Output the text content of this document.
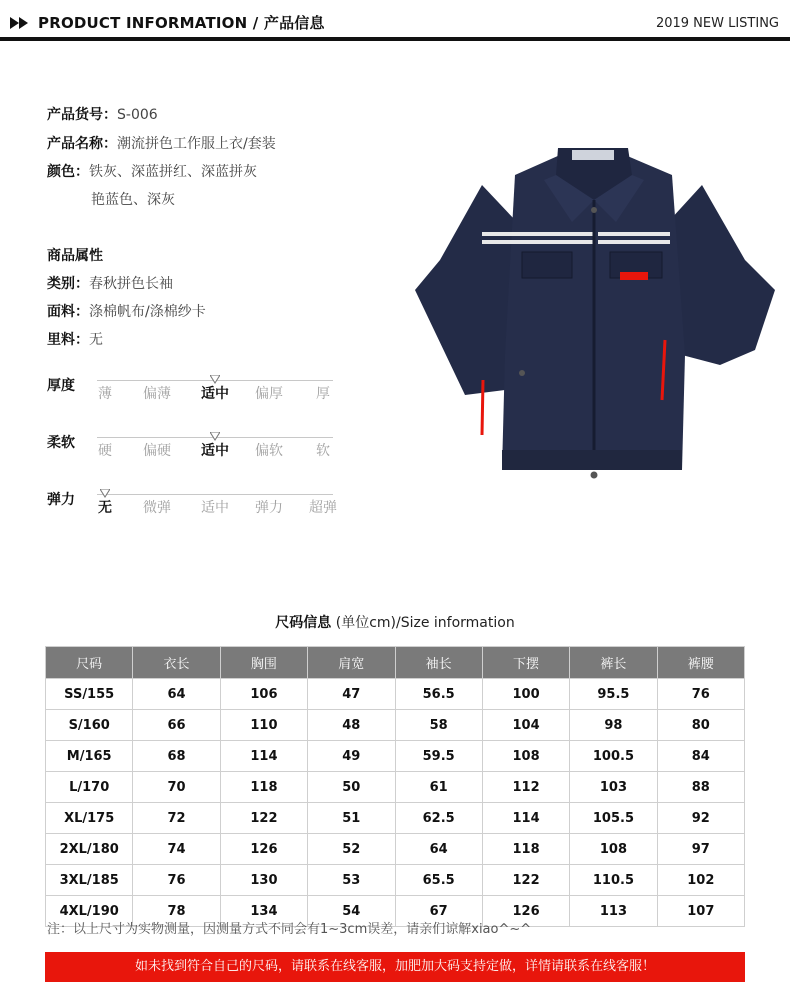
PRODUCT INFORMATION / 产品信息	2019 NEW LISTING
产品货号：S-006
产品名称：潮流拼色工作服上衣/套装
颜色：铁灰、深蓝拼红、深蓝拼灰
艳蓝色、深灰
商品属性
类别：春秋拼色长袖
面料：涤棉帆布/涤棉纱卡
里料：无
厚度	薄	偏薄	适中	偏厚	厚
柔软	硬	偏硬	适中	偏软	软
弹力	无	微弹	适中	弹力	超弹
尺码信息 (单位cm)/Size information
尺码	衣长	胸围	肩宽	袖长	下摆	裤长	裤腰
SS/155	64	106	47	56.5	100	95.5	76
S/160	66	110	48	58	104	98	80
M/165	68	114	49	59.5	108	100.5	84
L/170	70	118	50	61	112	103	88
XL/175	72	122	51	62.5	114	105.5	92
2XL/180	74	126	52	64	118	108	97
3XL/185	76	130	53	65.5	122	110.5	102
4XL/190	78	134	54	67	126	113	107
注：以上尺寸为实物测量，因测量方式不同会有1~3cm误差，请亲们谅解xiao^~^
如未找到符合自己的尺码，请联系在线客服，加肥加大码支持定做，详情请联系在线客服！
